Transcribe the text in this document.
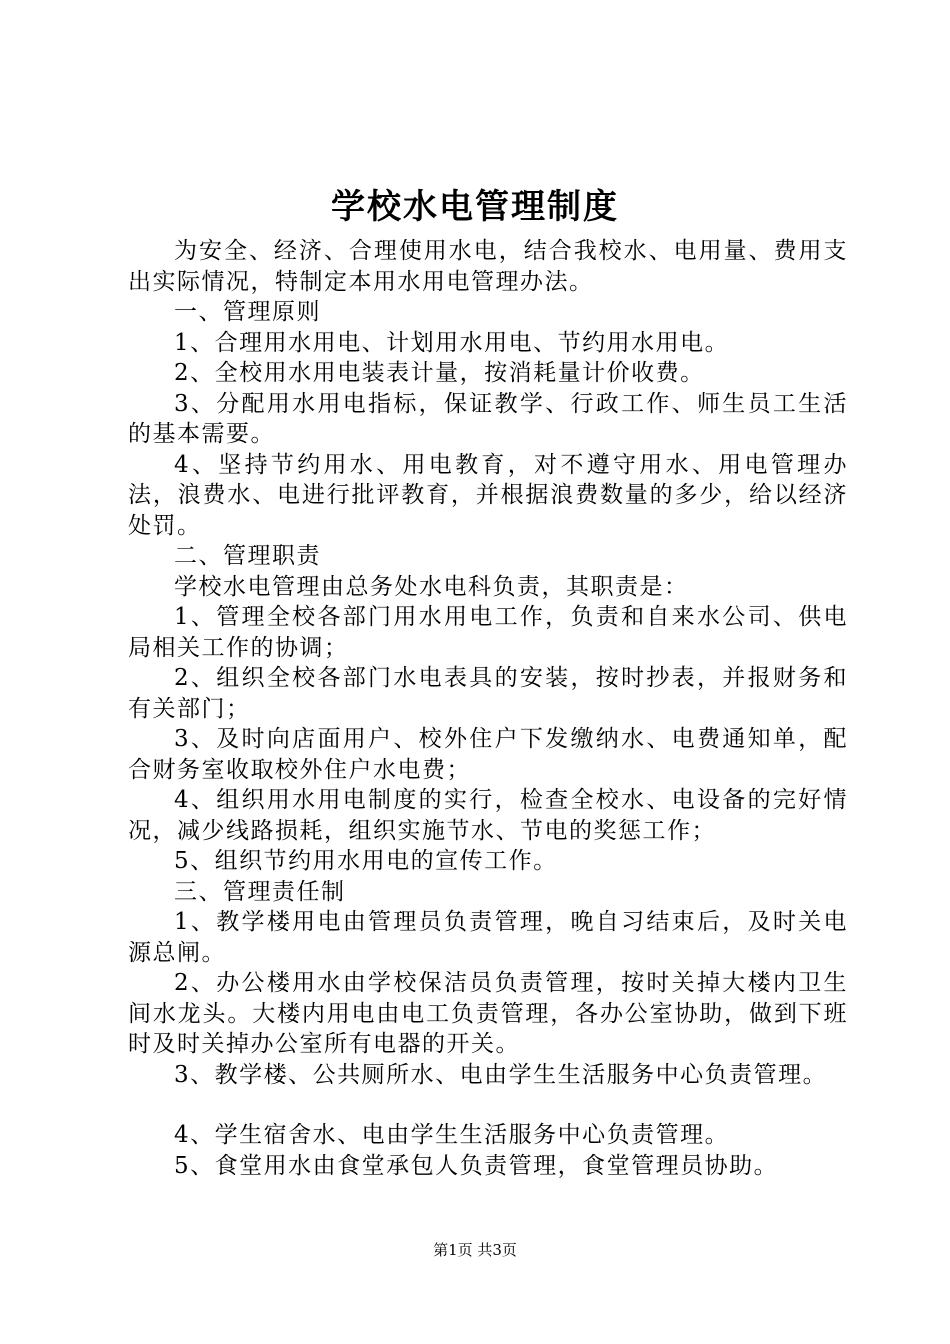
学校水电管理制度

为安全、经济、合理使用水电，结合我校水、电用量、费用支出实际情况，特制定本用水用电管理办法。

一、管理原则

1、合理用水用电、计划用水用电、节约用水用电。

2、全校用水用电装表计量，按消耗量计价收费。

3、分配用水用电指标，保证教学、行政工作、师生员工生活的基本需要。

4、坚持节约用水、用电教育，对不遵守用水、用电管理办法，浪费水、电进行批评教育，并根据浪费数量的多少，给以经济处罚。

二、管理职责

学校水电管理由总务处水电科负责，其职责是：

1、管理全校各部门用水用电工作，负责和自来水公司、供电局相关工作的协调；

2、组织全校各部门水电表具的安装，按时抄表，并报财务和有关部门；

3、及时向店面用户、校外住户下发缴纳水、电费通知单，配合财务室收取校外住户水电费；

4、组织用水用电制度的实行，检查全校水、电设备的完好情况，减少线路损耗，组织实施节水、节电的奖惩工作；

5、组织节约用水用电的宣传工作。

三、管理责任制

1、教学楼用电由管理员负责管理，晚自习结束后，及时关电源总闸。

2、办公楼用水由学校保洁员负责管理，按时关掉大楼内卫生间水龙头。大楼内用电由电工负责管理，各办公室协助，做到下班时及时关掉办公室所有电器的开关。

3、教学楼、公共厕所水、电由学生生活服务中心负责管理。

4、学生宿舍水、电由学生生活服务中心负责管理。

5、食堂用水由食堂承包人负责管理，食堂管理员协助。

第1页 共3页
